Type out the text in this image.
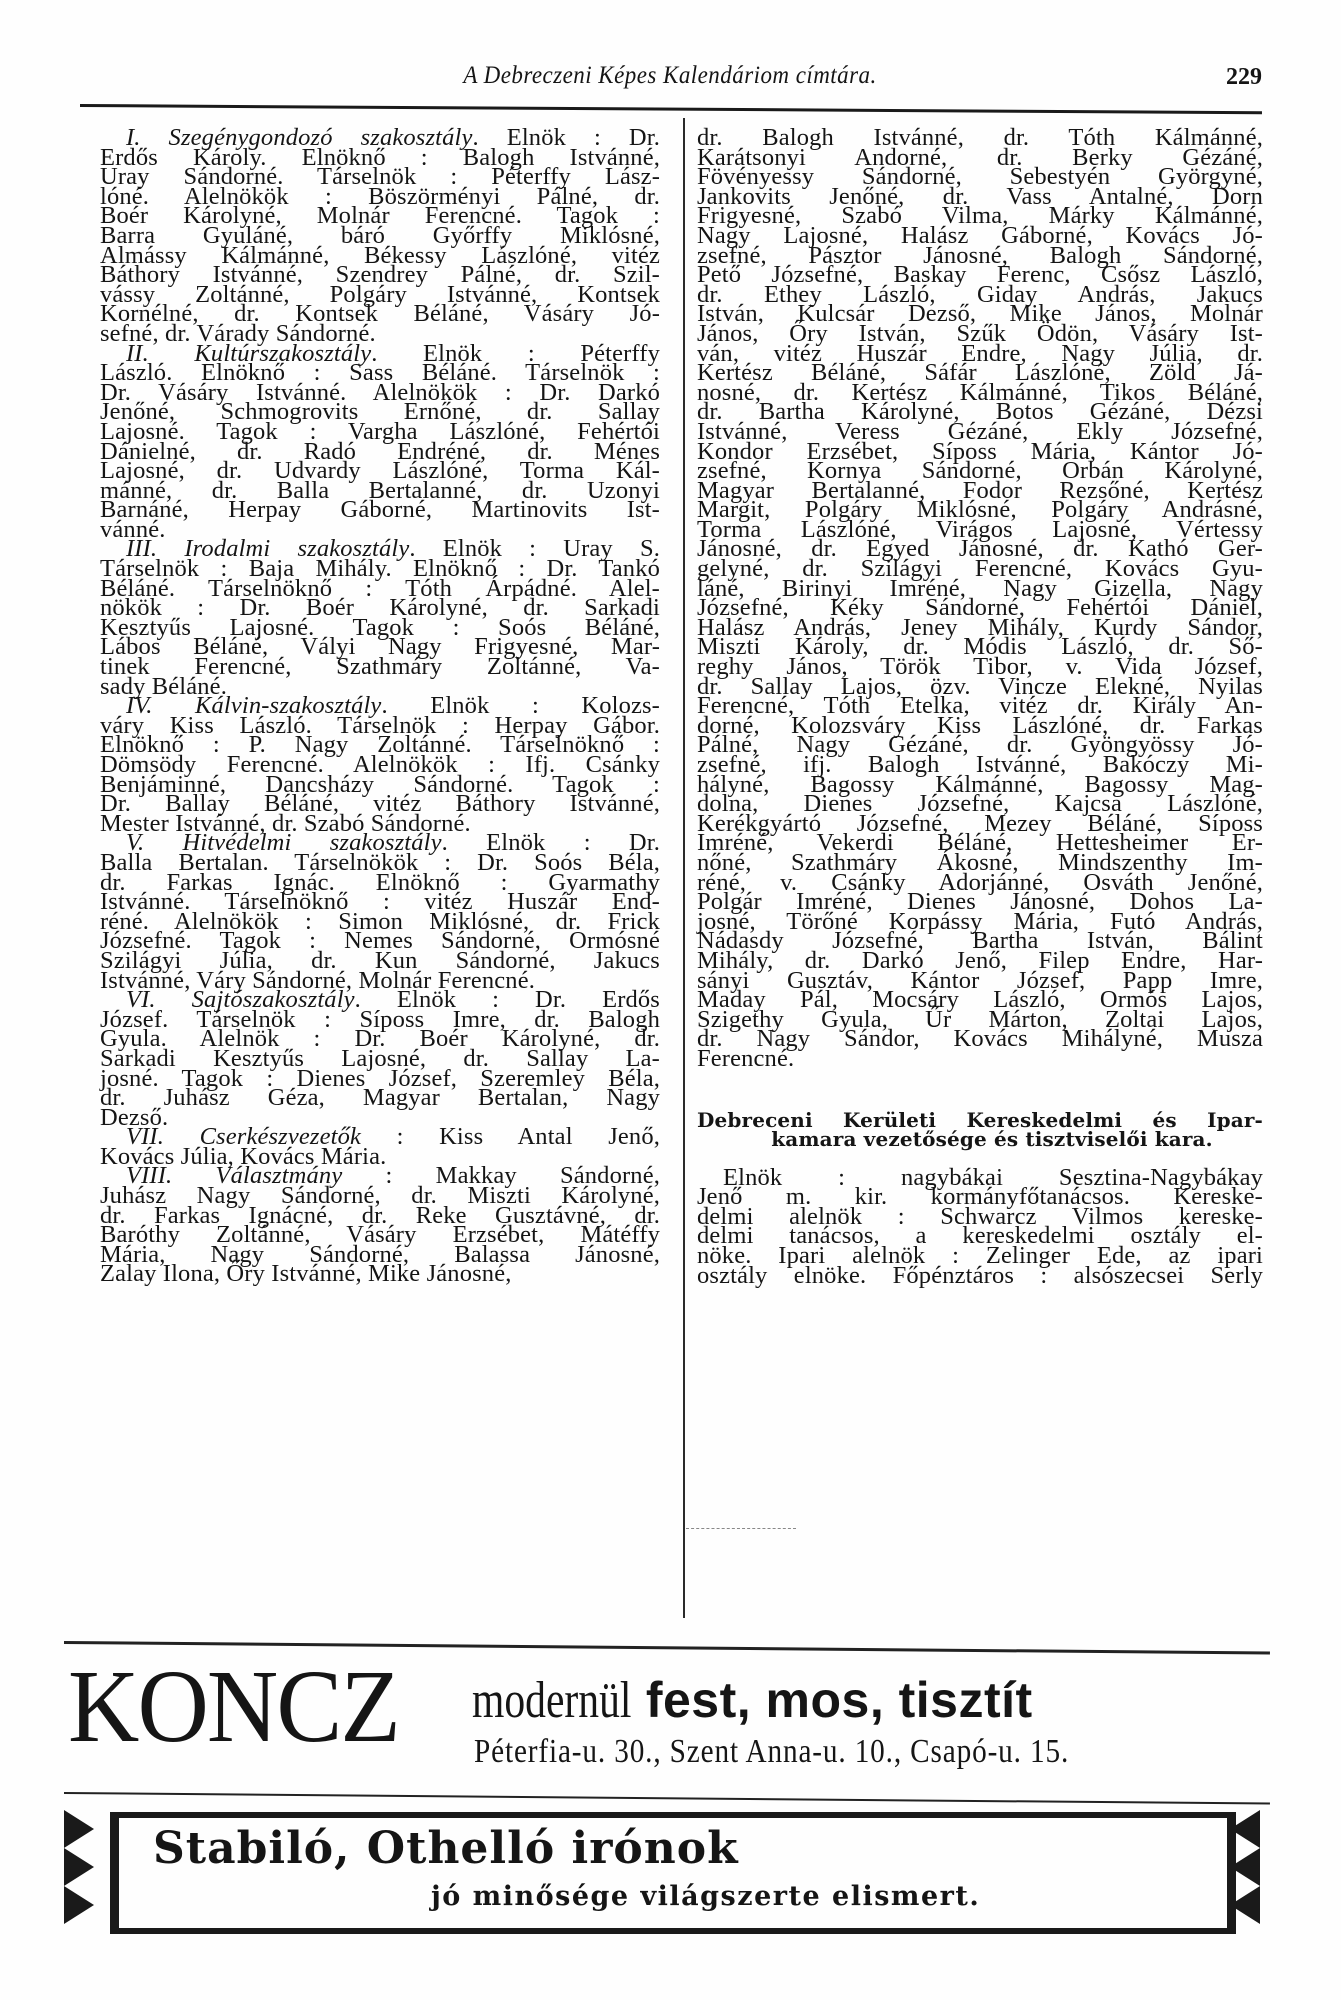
A Debreczeni Képes Kalendáriom címtára.	229
I. Szegénygondozó szakosztály. Elnök : Dr.
Erdős Károly. Elnöknő : Balogh Istvánné,
Uray Sándorné. Társelnök : Péterffy Lász-
lóné. Alelnökök : Böszörményi Pálné, dr.
Boér Károlyné, Molnár Ferencné. Tagok :
Barra Gyuláné, báró Győrffy Miklósné,
Almássy Kálmánné, Békessy Lászlóné, vitéz
Báthory Istvánné, Szendrey Pálné, dr. Szil-
vássy Zoltánné, Polgáry Istvánné, Kontsek
Kornélné, dr. Kontsek Béláné, Vásáry Jó-
sefné, dr. Várady Sándorné.
II. Kultúrszakosztály. Elnök : Péterffy
László. Elnöknő : Sass Béláné. Társelnök :
Dr. Vásáry Istvánné. Alelnökök : Dr. Darkó
Jenőné, Schmogrovits Ernőné, dr. Sallay
Lajosné. Tagok : Vargha Lászlóné, Fehértói
Dánielné, dr. Radó Endréné, dr. Ménes
Lajosné, dr. Udvardy Lászlóné, Torma Kál-
mánné, dr. Balla Bertalanné, dr. Uzonyi
Barnáné, Herpay Gáborné, Martinovits Ist-
vánné.
III. Irodalmi szakosztály. Elnök : Uray S.
Társelnök : Baja Mihály. Elnöknő : Dr. Tankó
Béláné. Társelnöknő : Tóth Árpádné. Alel-
nökök : Dr. Boér Károlyné, dr. Sarkadi
Kesztyűs Lajosné. Tagok : Soós Béláné,
Lábos Béláné, Vályi Nagy Frigyesné, Mar-
tinek Ferencné, Szathmáry Zoltánné, Va-
sady Béláné.
IV. Kálvin-szakosztály. Elnök : Kolozs-
váry Kiss László. Társelnök : Herpay Gábor.
Elnöknő : P. Nagy Zoltánné. Társelnöknő :
Dömsödy Ferencné. Alelnökök : Ifj. Csánky
Benjáminné, Dancsházy Sándorné. Tagok :
Dr. Ballay Béláné, vitéz Báthory Istvánné,
Mester Istvánné, dr. Szabó Sándorné.
V. Hitvédelmi szakosztály. Elnök : Dr.
Balla Bertalan. Társelnökök : Dr. Soós Béla,
dr. Farkas Ignác. Elnöknő : Gyarmathy
Istvánné. Társelnöknő : vitéz Huszár End-
réné. Alelnökök : Simon Miklósné, dr. Frick
Józsefné. Tagok : Nemes Sándorné, Ormósné
Szilágyi Júlia, dr. Kun Sándorné, Jakucs
Istvánné, Váry Sándorné, Molnár Ferencné.
VI. Sajtószakosztály. Elnök : Dr. Erdős
József. Társelnök : Síposs Imre, dr. Balogh
Gyula. Alelnök : Dr. Boér Károlyné, dr.
Sarkadi Kesztyűs Lajosné, dr. Sallay La-
josné. Tagok : Dienes József, Szeremley Béla,
dr. Juhász Géza, Magyar Bertalan, Nagy
Dezső.
VII. Cserkészvezetők : Kiss Antal Jenő,
Kovács Júlia, Kovács Mária.
VIII. Választmány : Makkay Sándorné,
Juhász Nagy Sándorné, dr. Miszti Károlyné,
dr. Farkas Ignácné, dr. Reke Gusztávné, dr.
Baróthy Zoltánné, Vásáry Erzsébet, Mátéffy
Mária, Nagy Sándorné, Balassa Jánosné,
Zalay Ilona, Őry Istvánné, Mike Jánosné,
dr. Balogh Istvánné, dr. Tóth Kálmánné,
Karátsonyi Andorné, dr. Berky Gézáné,
Fövényessy Sándorné, Sebestyén Györgyné,
Jankovits Jenőné, dr. Vass Antalné, Dorn
Frigyesné, Szabó Vilma, Márky Kálmánné,
Nagy Lajosné, Halász Gáborné, Kovács Jó-
zsefné, Pásztor Jánosné, Balogh Sándorné,
Pető Józsefné, Baskay Ferenc, Csősz László,
dr. Ethey László, Giday András, Jakucs
István, Kulcsár Dezső, Mike János, Molnár
János, Őry István, Szűk Ödön, Vásáry Ist-
ván, vitéz Huszár Endre, Nagy Júlia, dr.
Kertész Béláné, Sáfár Lászlóné, Zöld Já-
nosné, dr. Kertész Kálmánné, Tikos Béláné,
dr. Bartha Károlyné, Botos Gézáné, Dézsi
Istvánné, Veress Gézáné, Ekly Józsefné,
Kondor Erzsébet, Síposs Mária, Kántor Jó-
zsefné, Kornya Sándorné, Orbán Károlyné,
Magyar Bertalanné, Fodor Rezsőné, Kertész
Margit, Polgáry Miklósné, Polgáry Andrásné,
Torma Lászlóné, Virágos Lajosné, Vértessy
Jánosné, dr. Egyed Jánosné, dr. Kathó Ger-
gelyné, dr. Szilágyi Ferencné, Kovács Gyu-
láné, Birinyi Imréné, Nagy Gizella, Nagy
Józsefné, Kéky Sándorné, Fehértói Dániel,
Halász András, Jeney Mihály, Kurdy Sándor,
Miszti Károly, dr. Módis László, dr. Ső-
reghy János, Török Tibor, v. Vida József,
dr. Sallay Lajos, özv. Vincze Elekné, Nyilas
Ferencné, Tóth Etelka, vitéz dr. Király An-
dorné, Kolozsváry Kiss Lászlóné, dr. Farkas
Pálné, Nagy Gézáné, dr. Gyöngyössy Jó-
zsefné, ifj. Balogh Istvánné, Bakóczy Mi-
hályné, Bagossy Kálmánné, Bagossy Mag-
dolna, Dienes Józsefné, Kajcsa Lászlóné,
Kerékgyártó Józsefné, Mezey Béláné, Síposs
Imréné, Vekerdi Béláné, Hettesheimer Er-
nőné, Szathmáry Ákosné, Mindszenthy Im-
réné, v. Csánky Adorjánné, Osváth Jenőné,
Polgár Imréné, Dienes Jánosné, Dohos La-
josné, Törőné Korpássy Mária, Futó András,
Nádasdy Józsefné, Bartha István, Bálint
Mihály, dr. Darkó Jenő, Filep Endre, Har-
sányi Gusztáv, Kántor József, Papp Imre,
Maday Pál, Mocsáry László, Ormós Lajos,
Szigethy Gyula, Űr Márton, Zoltai Lajos,
dr. Nagy Sándor, Kovács Mihályné, Musza
Ferencné.
Debreceni Kerületi Kereskedelmi és Ipar-
kamara vezetősége és tisztviselői kara.
Elnök : nagybákai Sesztina-Nagybákay
Jenő m. kir. kormányfőtanácsos. Kereske-
delmi alelnök : Schwarcz Vilmos kereske-
delmi tanácsos, a kereskedelmi osztály el-
nöke. Ipari alelnök : Zelinger Ede, az ipari
osztály elnöke. Főpénztáros : alsószecsei Serly
KONCZ modernül fest, mos, tisztít
Péterfia-u. 30., Szent Anna-u. 10., Csapó-u. 15.
Stabiló, Othelló irónok
jó minősége világszerte elismert.
